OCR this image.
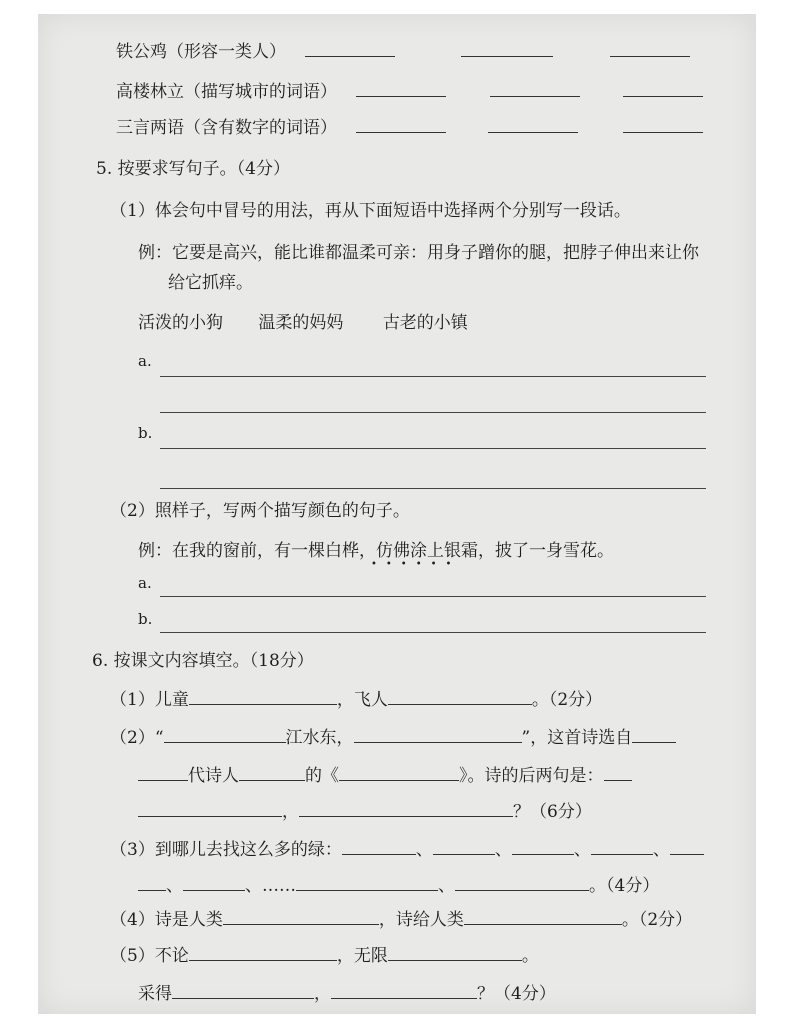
铁公鸡（形容一类人）
高楼林立（描写城市的词语）
三言两语（含有数字的词语）
5. 按要求写句子。（4分）
（1）体会句中冒号的用法，再从下面短语中选择两个分别写一段话。
例：它要是高兴，能比谁都温柔可亲：用身子蹭你的腿，把脖子伸出来让你
给它抓痒。
活泼的小狗 温柔的妈妈 古老的小镇
a.
b.
（2）照样子，写两个描写颜色的句子。
例：在我的窗前，有一棵白桦，仿佛涂上银霜，披了一身雪花。
••••••
a.
b.
6. 按课文内容填空。（18分）
（1）儿童	，飞人	。（2分）
（2）“	江水东，	”，这首诗选自
代诗人	的《	》。诗的后两句是：
，	？（6分）
（3）到哪儿去找这么多的绿：	、	、	、	、
、	、……	、	。（4分）
（4）诗是人类	，诗给人类	。（2分）
（5）不论	，无限	。
采得	，	？（4分）
